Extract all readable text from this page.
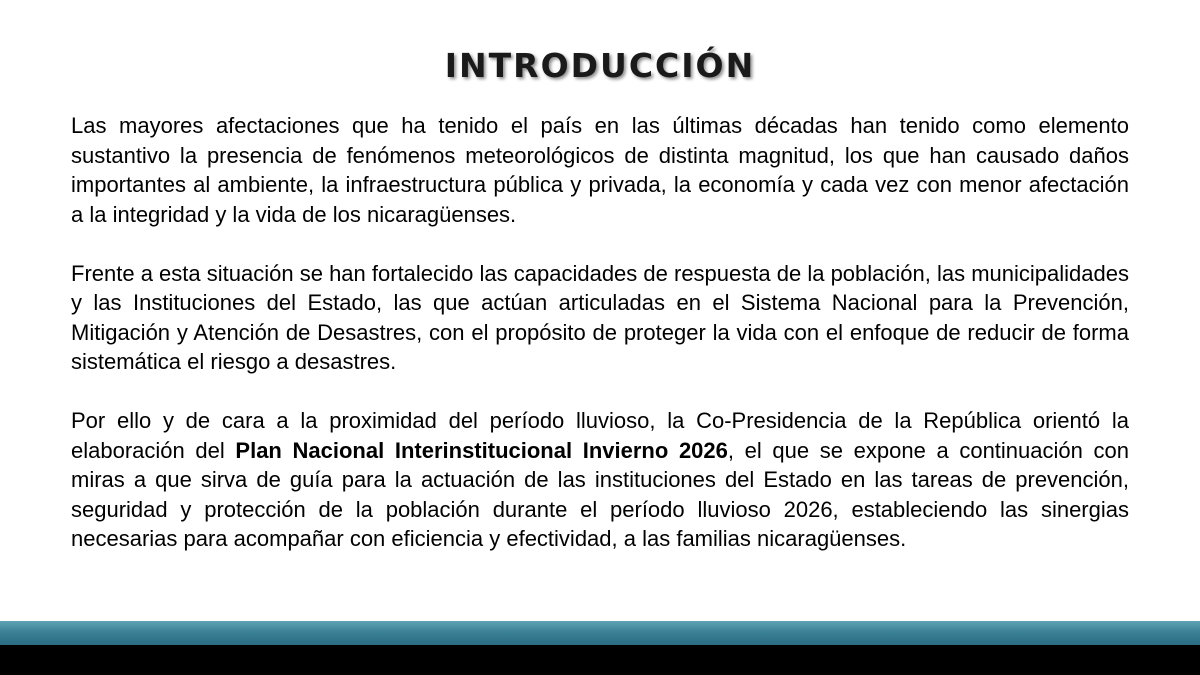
INTRODUCCIÓN

Las mayores afectaciones que ha tenido el país en las últimas décadas han tenido como elemento sustantivo la presencia de fenómenos meteorológicos de distinta magnitud, los que han causado daños importantes al ambiente, la infraestructura pública y privada, la economía y cada vez con menor afectación a la integridad y la vida de los nicaragüenses.

Frente a esta situación se han fortalecido las capacidades de respuesta de la población, las municipalidades y las Instituciones del Estado, las que actúan articuladas en el Sistema Nacional para la Prevención, Mitigación y Atención de Desastres, con el propósito de proteger la vida con el enfoque de reducir de forma sistemática el riesgo a desastres.

Por ello y de cara a la proximidad del período lluvioso, la Co-Presidencia de la República orientó la elaboración del Plan Nacional Interinstitucional Invierno 2026, el que se expone a continuación con miras a que sirva de guía para la actuación de las instituciones del Estado en las tareas de prevención, seguridad y protección de la población durante el período lluvioso 2026, estableciendo las sinergias necesarias para acompañar con eficiencia y efectividad, a las familias nicaragüenses.
